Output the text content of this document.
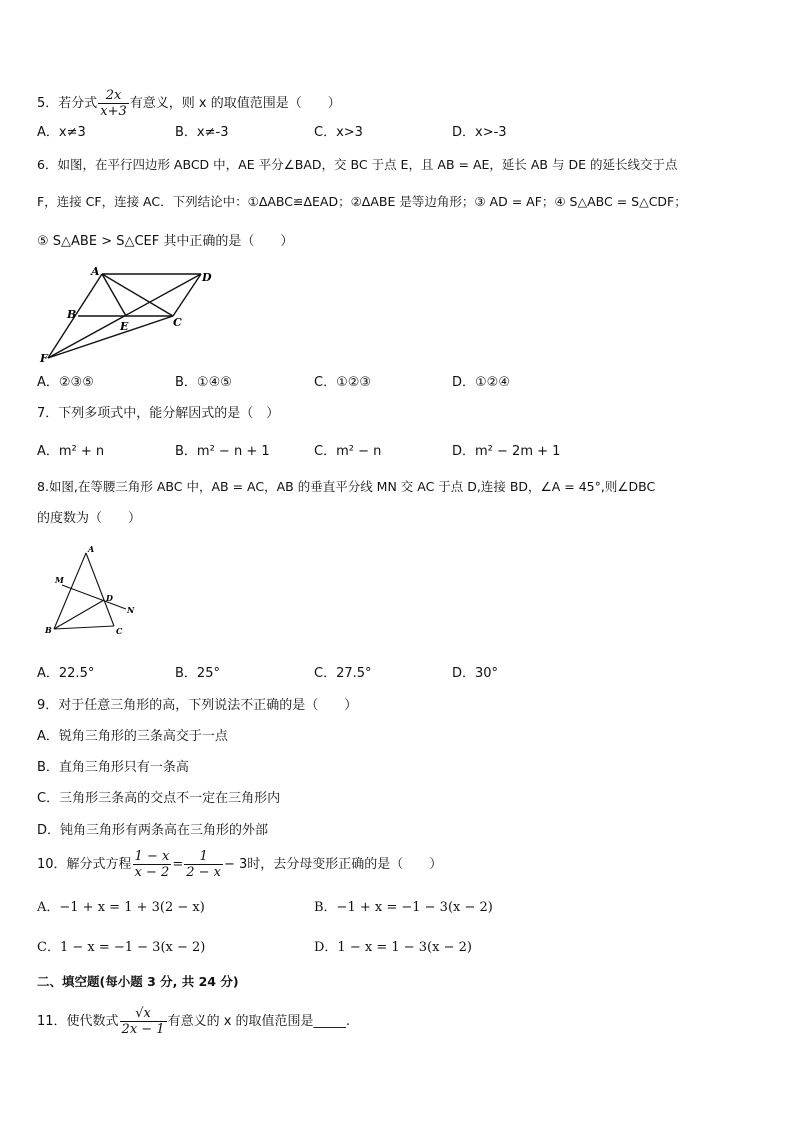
5．若分式 $\frac{2x}{x+3}$ 有意义，则 x 的取值范围是（　　）
A．x≠3	B．x≠-3	C．x>3	D．x>-3
6．如图，在平行四边形 ABCD 中，AE 平分∠BAD，交 BC 于点 E，且 AB = AE，延长 AB 与 DE 的延长线交于点
F，连接 CF，连接 AC．下列结论中：①ΔABC≌ΔEAD；②ΔABE 是等边角形；③ AD = AF；④ S△ABC = S△CDF；
⑤ S△ABE > S△CEF 其中正确的是（　　）
A	D
B
E	C
F
A．②③⑤	B．①④⑤	C．①②③	D．①②④
7．下列多项式中，能分解因式的是（　）
A．m² + n	B．m² − n + 1	C．m² − n	D．m² − 2m + 1
8.如图,在等腰三角形 ABC 中，AB = AC，AB 的垂直平分线 MN 交 AC 于点 D,连接 BD，∠A = 45°,则∠DBC
的度数为（　　）
A
M
D
N
B	C
A．22.5°	B．25°	C．27.5°	D．30°
9．对于任意三角形的高，下列说法不正确的是（　　）
A．锐角三角形的三条高交于一点
B．直角三角形只有一条高
C．三角形三条高的交点不一定在三角形内
D．钝角三角形有两条高在三角形的外部
10．解分式方程 $\frac{1 - x}{x - 2} = \frac{1}{2 - x} - 3$时，去分母变形正确的是（　　）
A．−1 + x = 1 + 3(2 − x)	B．−1 + x = −1 − 3(x − 2)
C．1 − x = −1 − 3(x − 2)	D．1 − x = 1 − 3(x − 2)
二、填空题(每小题 3 分, 共 24 分)
11．使代数式 $\frac{√x}{2x - 1}$ 有意义的 x 的取值范围是_____.
